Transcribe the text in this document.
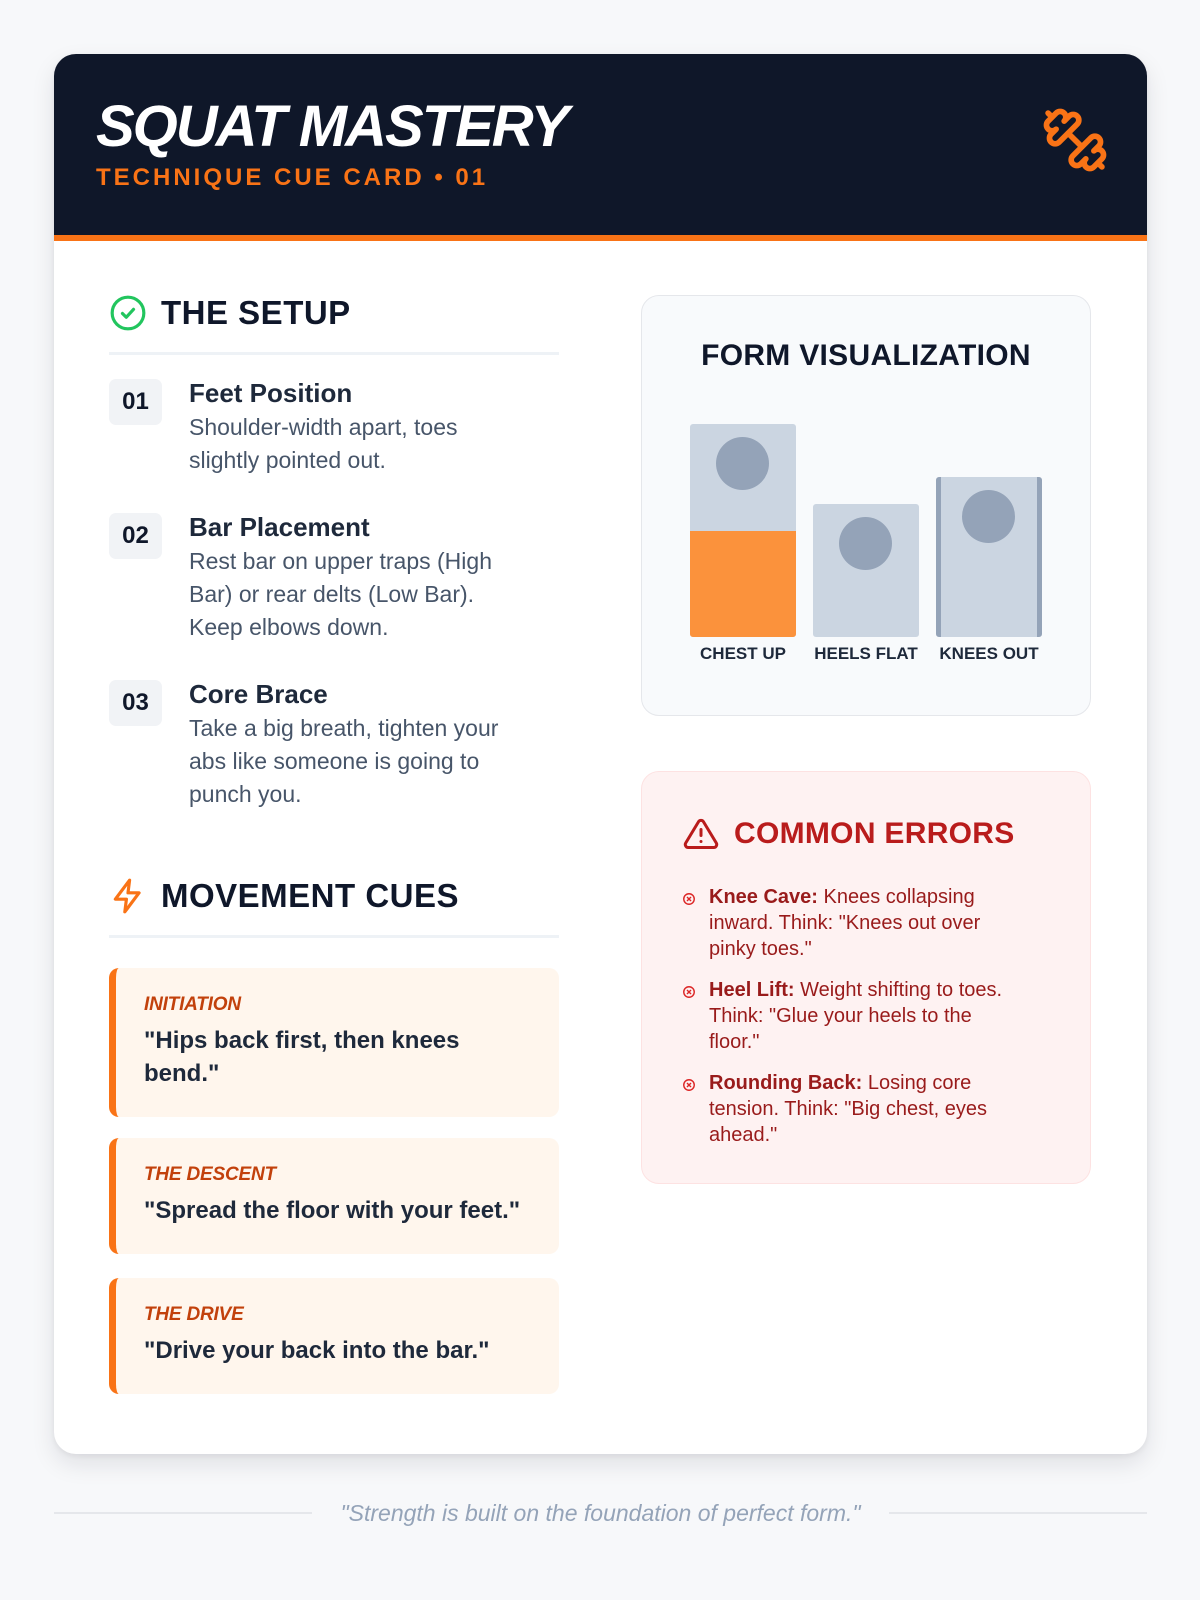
SQUAT MASTERY
TECHNIQUE CUE CARD • 01
THE SETUP
01	Feet Position
Shoulder-width apart, toes
slightly pointed out.
02	Bar Placement
Rest bar on upper traps (High
Bar) or rear delts (Low Bar).
Keep elbows down.
03	Core Brace
Take a big breath, tighten your
abs like someone is going to
punch you.
MOVEMENT CUES
INITIATION
"Hips back first, then knees
bend."
THE DESCENT
"Spread the floor with your feet."
THE DRIVE
"Drive your back into the bar."
FORM VISUALIZATION
CHEST UP	HEELS FLAT	KNEES OUT
COMMON ERRORS
Knee Cave: Knees collapsing
inward. Think: "Knees out over
pinky toes."
Heel Lift: Weight shifting to toes.
Think: "Glue your heels to the
floor."
Rounding Back: Losing core
tension. Think: "Big chest, eyes
ahead."
"Strength is built on the foundation of perfect form."
